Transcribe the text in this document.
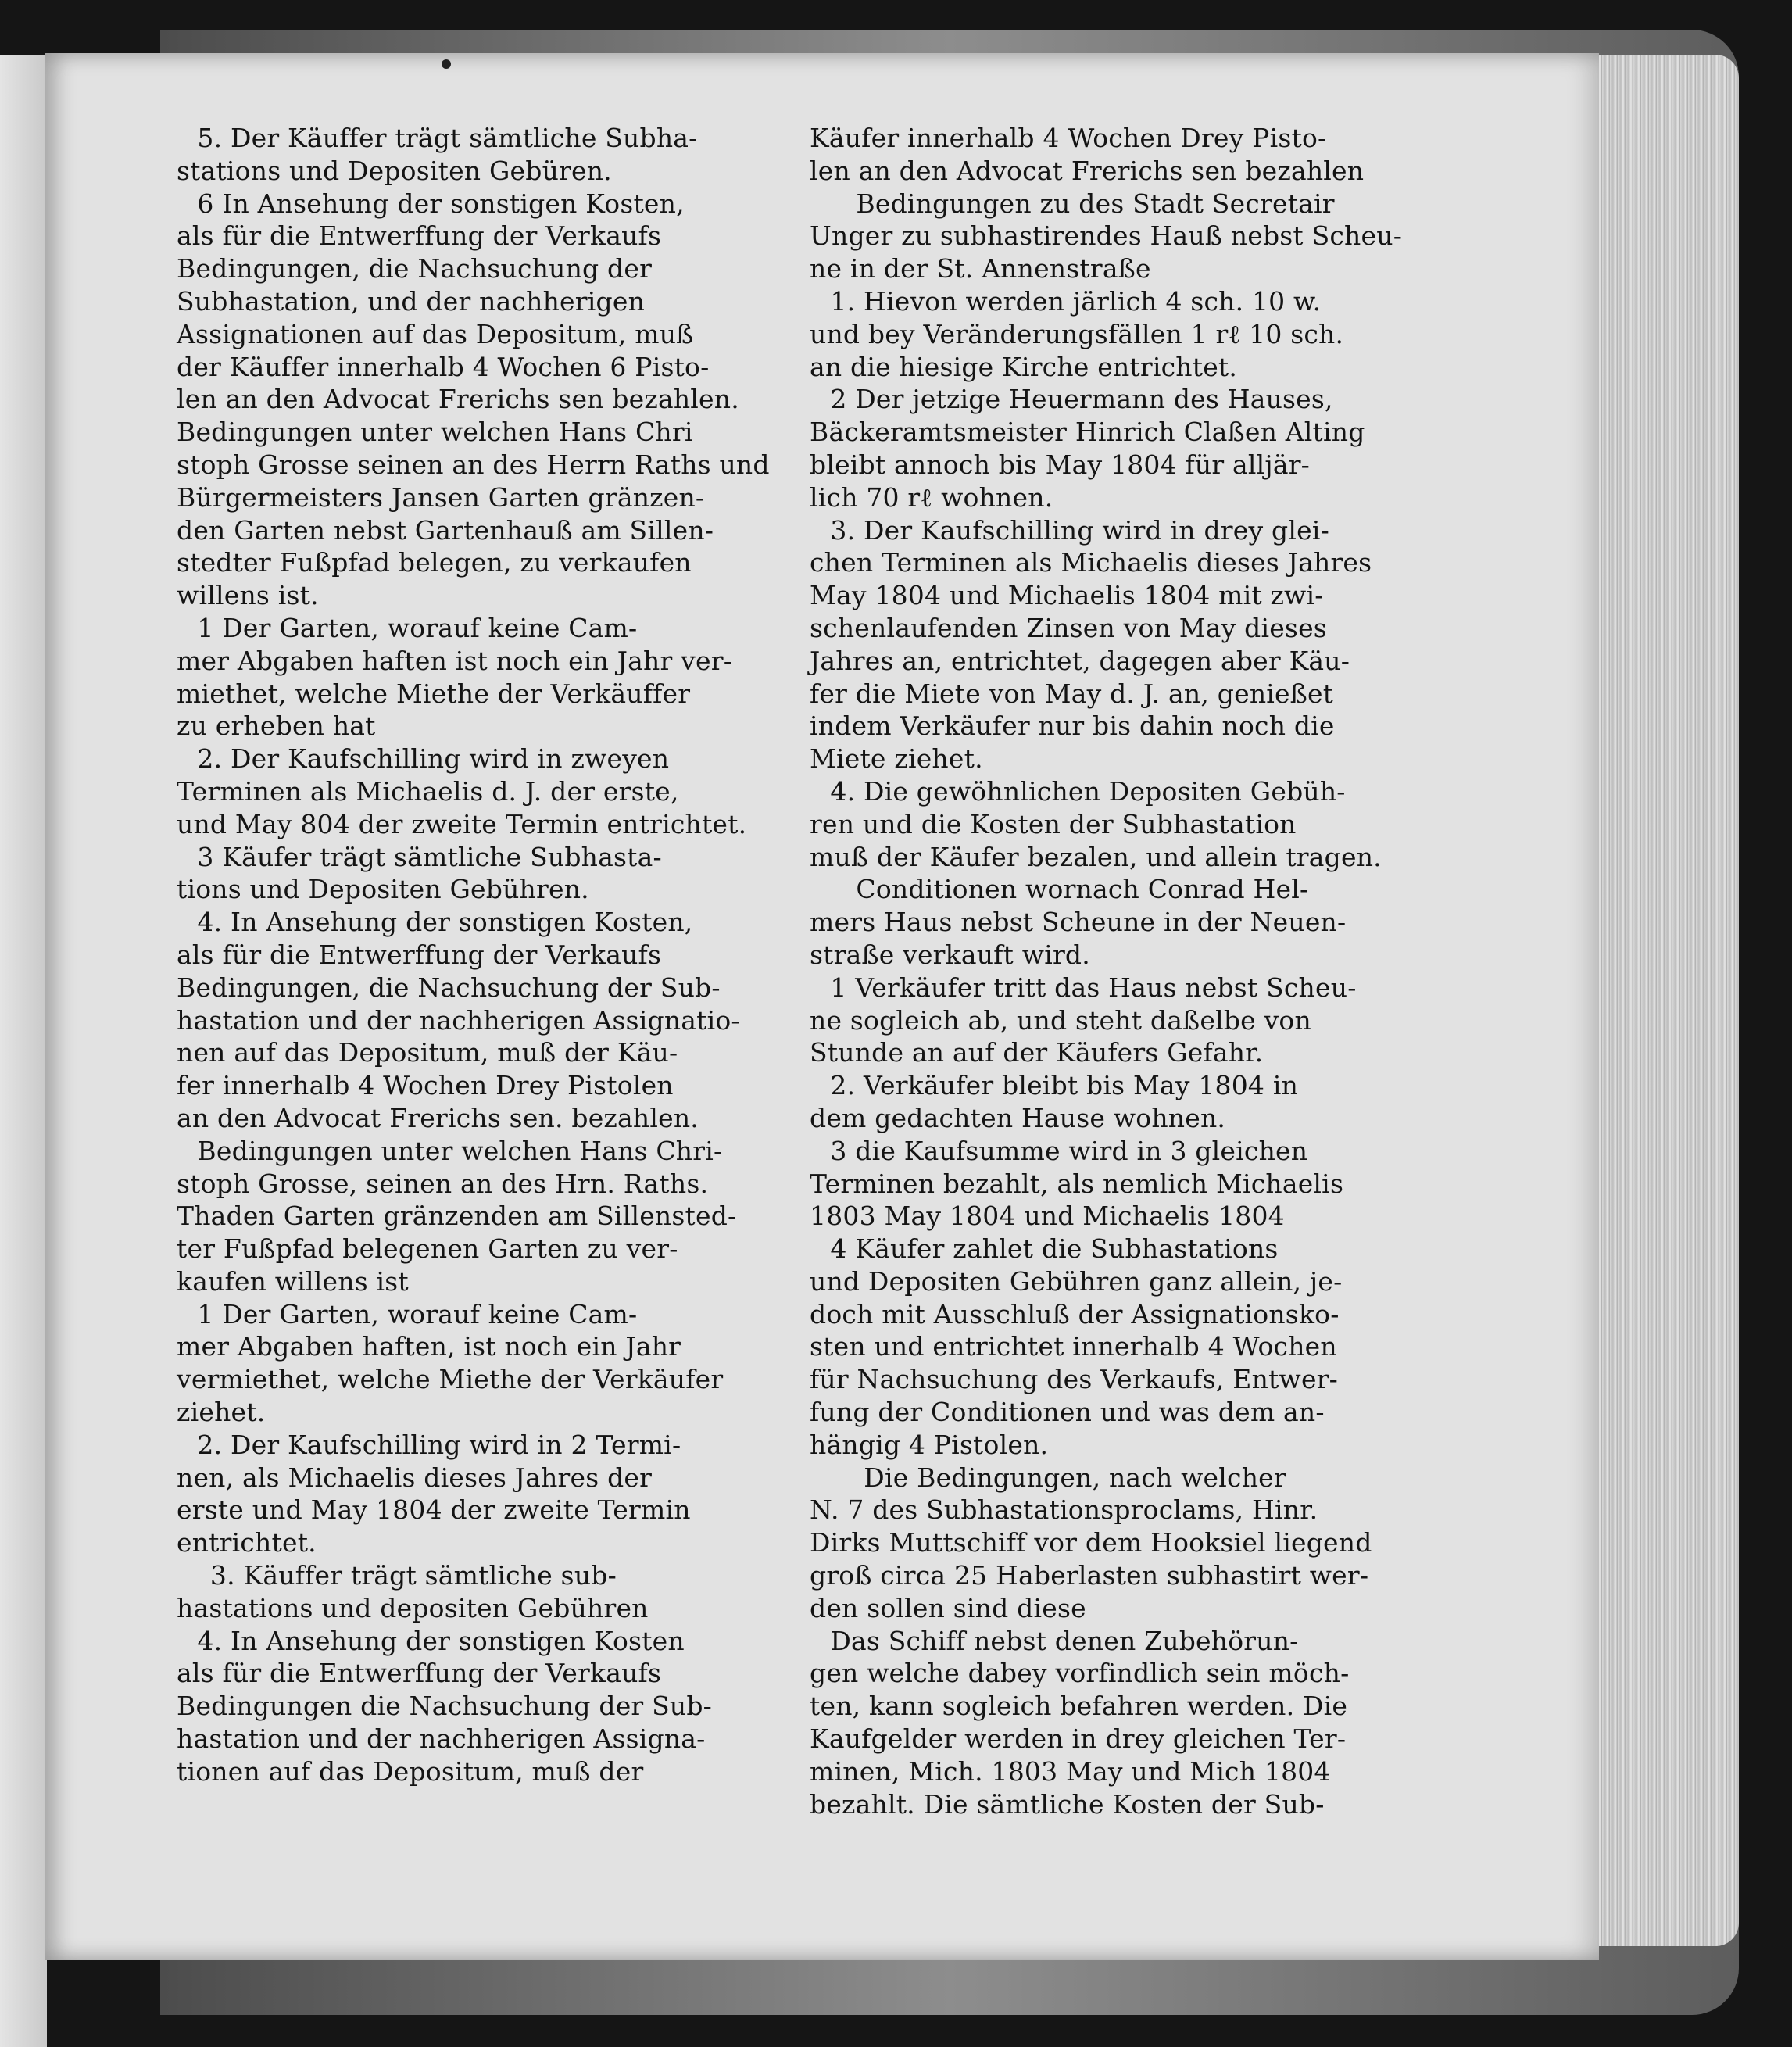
5. Der Käuffer trägt sämtliche Subha-
stations und Depositen Gebüren.
6 In Ansehung der sonstigen Kosten,
als für die Entwerffung der Verkaufs
Bedingungen, die Nachsuchung der
Subhastation, und der nachherigen
Assignationen auf das Depositum, muß
der Käuffer innerhalb 4 Wochen 6 Pisto-
len an den Advocat Frerichs sen bezahlen.
Bedingungen unter welchen Hans Chri
stoph Grosse seinen an des Herrn Raths und
Bürgermeisters Jansen Garten gränzen-
den Garten nebst Gartenhauß am Sillen-
stedter Fußpfad belegen, zu verkaufen
willens ist.
1 Der Garten, worauf keine Cam-
mer Abgaben haften ist noch ein Jahr ver-
miethet, welche Miethe der Verkäuffer
zu erheben hat
2. Der Kaufschilling wird in zweyen
Terminen als Michaelis d. J. der erste,
und May 804 der zweite Termin entrichtet.
3 Käufer trägt sämtliche Subhasta-
tions und Depositen Gebühren.
4. In Ansehung der sonstigen Kosten,
als für die Entwerffung der Verkaufs
Bedingungen, die Nachsuchung der Sub-
hastation und der nachherigen Assignatio-
nen auf das Depositum, muß der Käu-
fer innerhalb 4 Wochen Drey Pistolen
an den Advocat Frerichs sen. bezahlen.
Bedingungen unter welchen Hans Chri-
stoph Grosse, seinen an des Hrn. Raths.
Thaden Garten gränzenden am Sillensted-
ter Fußpfad belegenen Garten zu ver-
kaufen willens ist
1 Der Garten, worauf keine Cam-
mer Abgaben haften, ist noch ein Jahr
vermiethet, welche Miethe der Verkäufer
ziehet.
2. Der Kaufschilling wird in 2 Termi-
nen, als Michaelis dieses Jahres der
erste und May 1804 der zweite Termin
entrichtet.
3. Käuffer trägt sämtliche sub-
hastations und depositen Gebühren
4. In Ansehung der sonstigen Kosten
als für die Entwerffung der Verkaufs
Bedingungen die Nachsuchung der Sub-
hastation und der nachherigen Assigna-
tionen auf das Depositum, muß der
Käufer innerhalb 4 Wochen Drey Pisto-
len an den Advocat Frerichs sen bezahlen
Bedingungen zu des Stadt Secretair
Unger zu subhastirendes Hauß nebst Scheu-
ne in der St. Annenstraße
1. Hievon werden järlich 4 sch. 10 w.
und bey Veränderungsfällen 1 rℓ 10 sch.
an die hiesige Kirche entrichtet.
2 Der jetzige Heuermann des Hauses,
Bäckeramtsmeister Hinrich Claßen Alting
bleibt annoch bis May 1804 für alljär-
lich 70 rℓ wohnen.
3. Der Kaufschilling wird in drey glei-
chen Terminen als Michaelis dieses Jahres
May 1804 und Michaelis 1804 mit zwi-
schenlaufenden Zinsen von May dieses
Jahres an, entrichtet, dagegen aber Käu-
fer die Miete von May d. J. an, genießet
indem Verkäufer nur bis dahin noch die
Miete ziehet.
4. Die gewöhnlichen Depositen Gebüh-
ren und die Kosten der Subhastation
muß der Käufer bezalen, und allein tragen.
Conditionen wornach Conrad Hel-
mers Haus nebst Scheune in der Neuen-
straße verkauft wird.
1 Verkäufer tritt das Haus nebst Scheu-
ne sogleich ab, und steht daßelbe von
Stunde an auf der Käufers Gefahr.
2. Verkäufer bleibt bis May 1804 in
dem gedachten Hause wohnen.
3 die Kaufsumme wird in 3 gleichen
Terminen bezahlt, als nemlich Michaelis
1803 May 1804 und Michaelis 1804
4 Käufer zahlet die Subhastations
und Depositen Gebühren ganz allein, je-
doch mit Ausschluß der Assignationsko-
sten und entrichtet innerhalb 4 Wochen
für Nachsuchung des Verkaufs, Entwer-
fung der Conditionen und was dem an-
hängig 4 Pistolen.
Die Bedingungen, nach welcher
N. 7 des Subhastationsproclams, Hinr.
Dirks Muttschiff vor dem Hooksiel liegend
groß circa 25 Haberlasten subhastirt wer-
den sollen sind diese
Das Schiff nebst denen Zubehörun-
gen welche dabey vorfindlich sein möch-
ten, kann sogleich befahren werden. Die
Kaufgelder werden in drey gleichen Ter-
minen, Mich. 1803 May und Mich 1804
bezahlt. Die sämtliche Kosten der Sub-
